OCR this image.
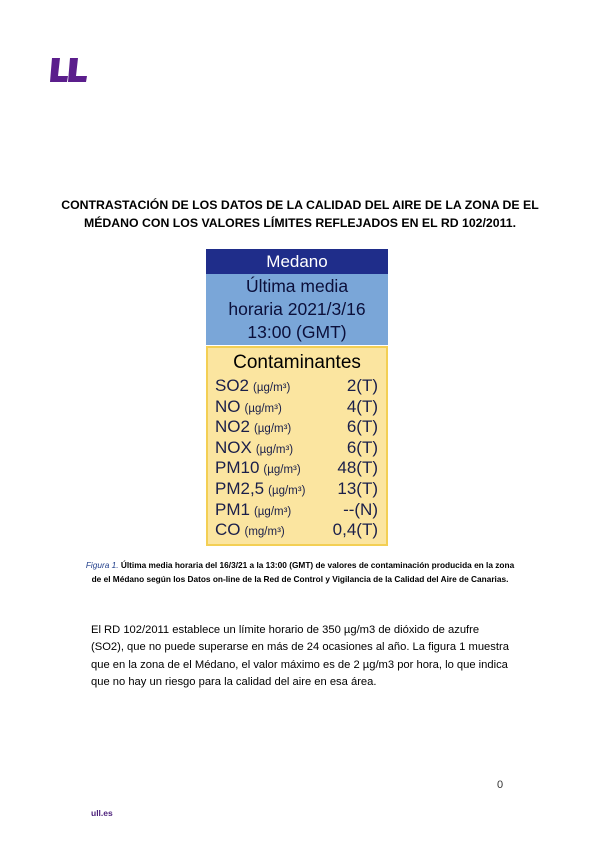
CONTRASTACIÓN DE LOS DATOS DE LA CALIDAD DEL AIRE DE LA ZONA DE EL
MÉDANO CON LOS VALORES LÍMITES REFLEJADOS EN EL RD 102/2011.
Medano
Última media
horaria 2021/3/16
13:00 (GMT)
Contaminantes
SO2 (µg/m³)	2(T)
NO (µg/m³)	4(T)
NO2 (µg/m³)	6(T)
NOX (µg/m³)	6(T)
PM10 (µg/m³) 48(T)
PM2,5 (µg/m³) 13(T)
PM1 (µg/m³)	--(N)
CO (mg/m³)	0,4(T)
Figura 1. Última media horaria del 16/3/21 a la 13:00 (GMT) de valores de contaminación producida en la zona
de el Médano según los Datos on-line de la Red de Control y Vigilancia de la Calidad del Aire de Canarias.
El RD 102/2011 establece un límite horario de 350 µg/m3 de dióxido de azufre
(SO2), que no puede superarse en más de 24 ocasiones al año. La figura 1 muestra
que en la zona de el Médano, el valor máximo es de 2 µg/m3 por hora, lo que indica
que no hay un riesgo para la calidad del aire en esa área.
0
ull.es
